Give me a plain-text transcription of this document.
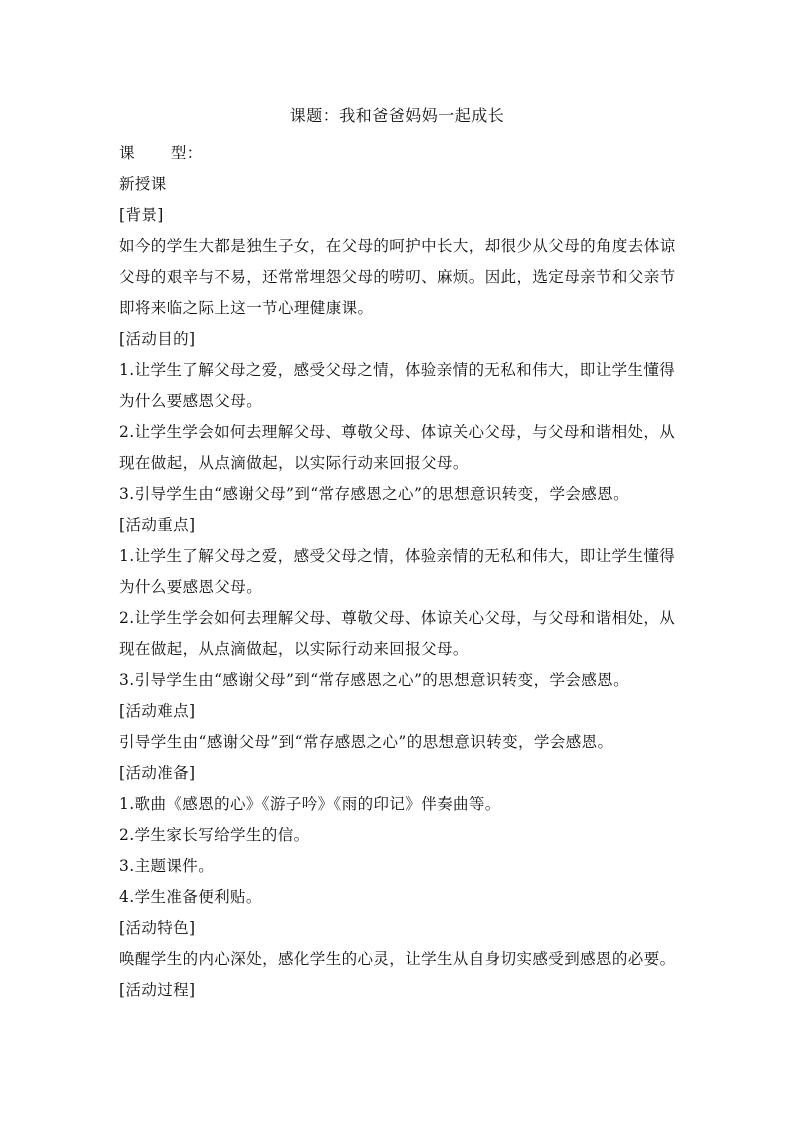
课题：我和爸爸妈妈一起成长
课 型：
新授课
[背景]
如今的学生大都是独生子女，在父母的呵护中长大，却很少从父母的角度去体谅
父母的艰辛与不易，还常常埋怨父母的唠叨、麻烦。因此，选定母亲节和父亲节
即将来临之际上这一节心理健康课。
[活动目的]
1.让学生了解父母之爱，感受父母之情，体验亲情的无私和伟大，即让学生懂得
为什么要感恩父母。
2.让学生学会如何去理解父母、尊敬父母、体谅关心父母，与父母和谐相处，从
现在做起，从点滴做起，以实际行动来回报父母。
3.引导学生由“感谢父母”到“常存感恩之心”的思想意识转变，学会感恩。
[活动重点]
1.让学生了解父母之爱，感受父母之情，体验亲情的无私和伟大，即让学生懂得
为什么要感恩父母。
2.让学生学会如何去理解父母、尊敬父母、体谅关心父母，与父母和谐相处，从
现在做起，从点滴做起，以实际行动来回报父母。
3.引导学生由“感谢父母”到“常存感恩之心”的思想意识转变，学会感恩。
[活动难点]
引导学生由“感谢父母”到“常存感恩之心”的思想意识转变，学会感恩。
[活动准备]
1.歌曲《感恩的心》《游子吟》《雨的印记》伴奏曲等。
2.学生家长写给学生的信。
3.主题课件。
4.学生准备便利贴。
[活动特色]
唤醒学生的内心深处，感化学生的心灵，让学生从自身切实感受到感恩的必要。
[活动过程]
